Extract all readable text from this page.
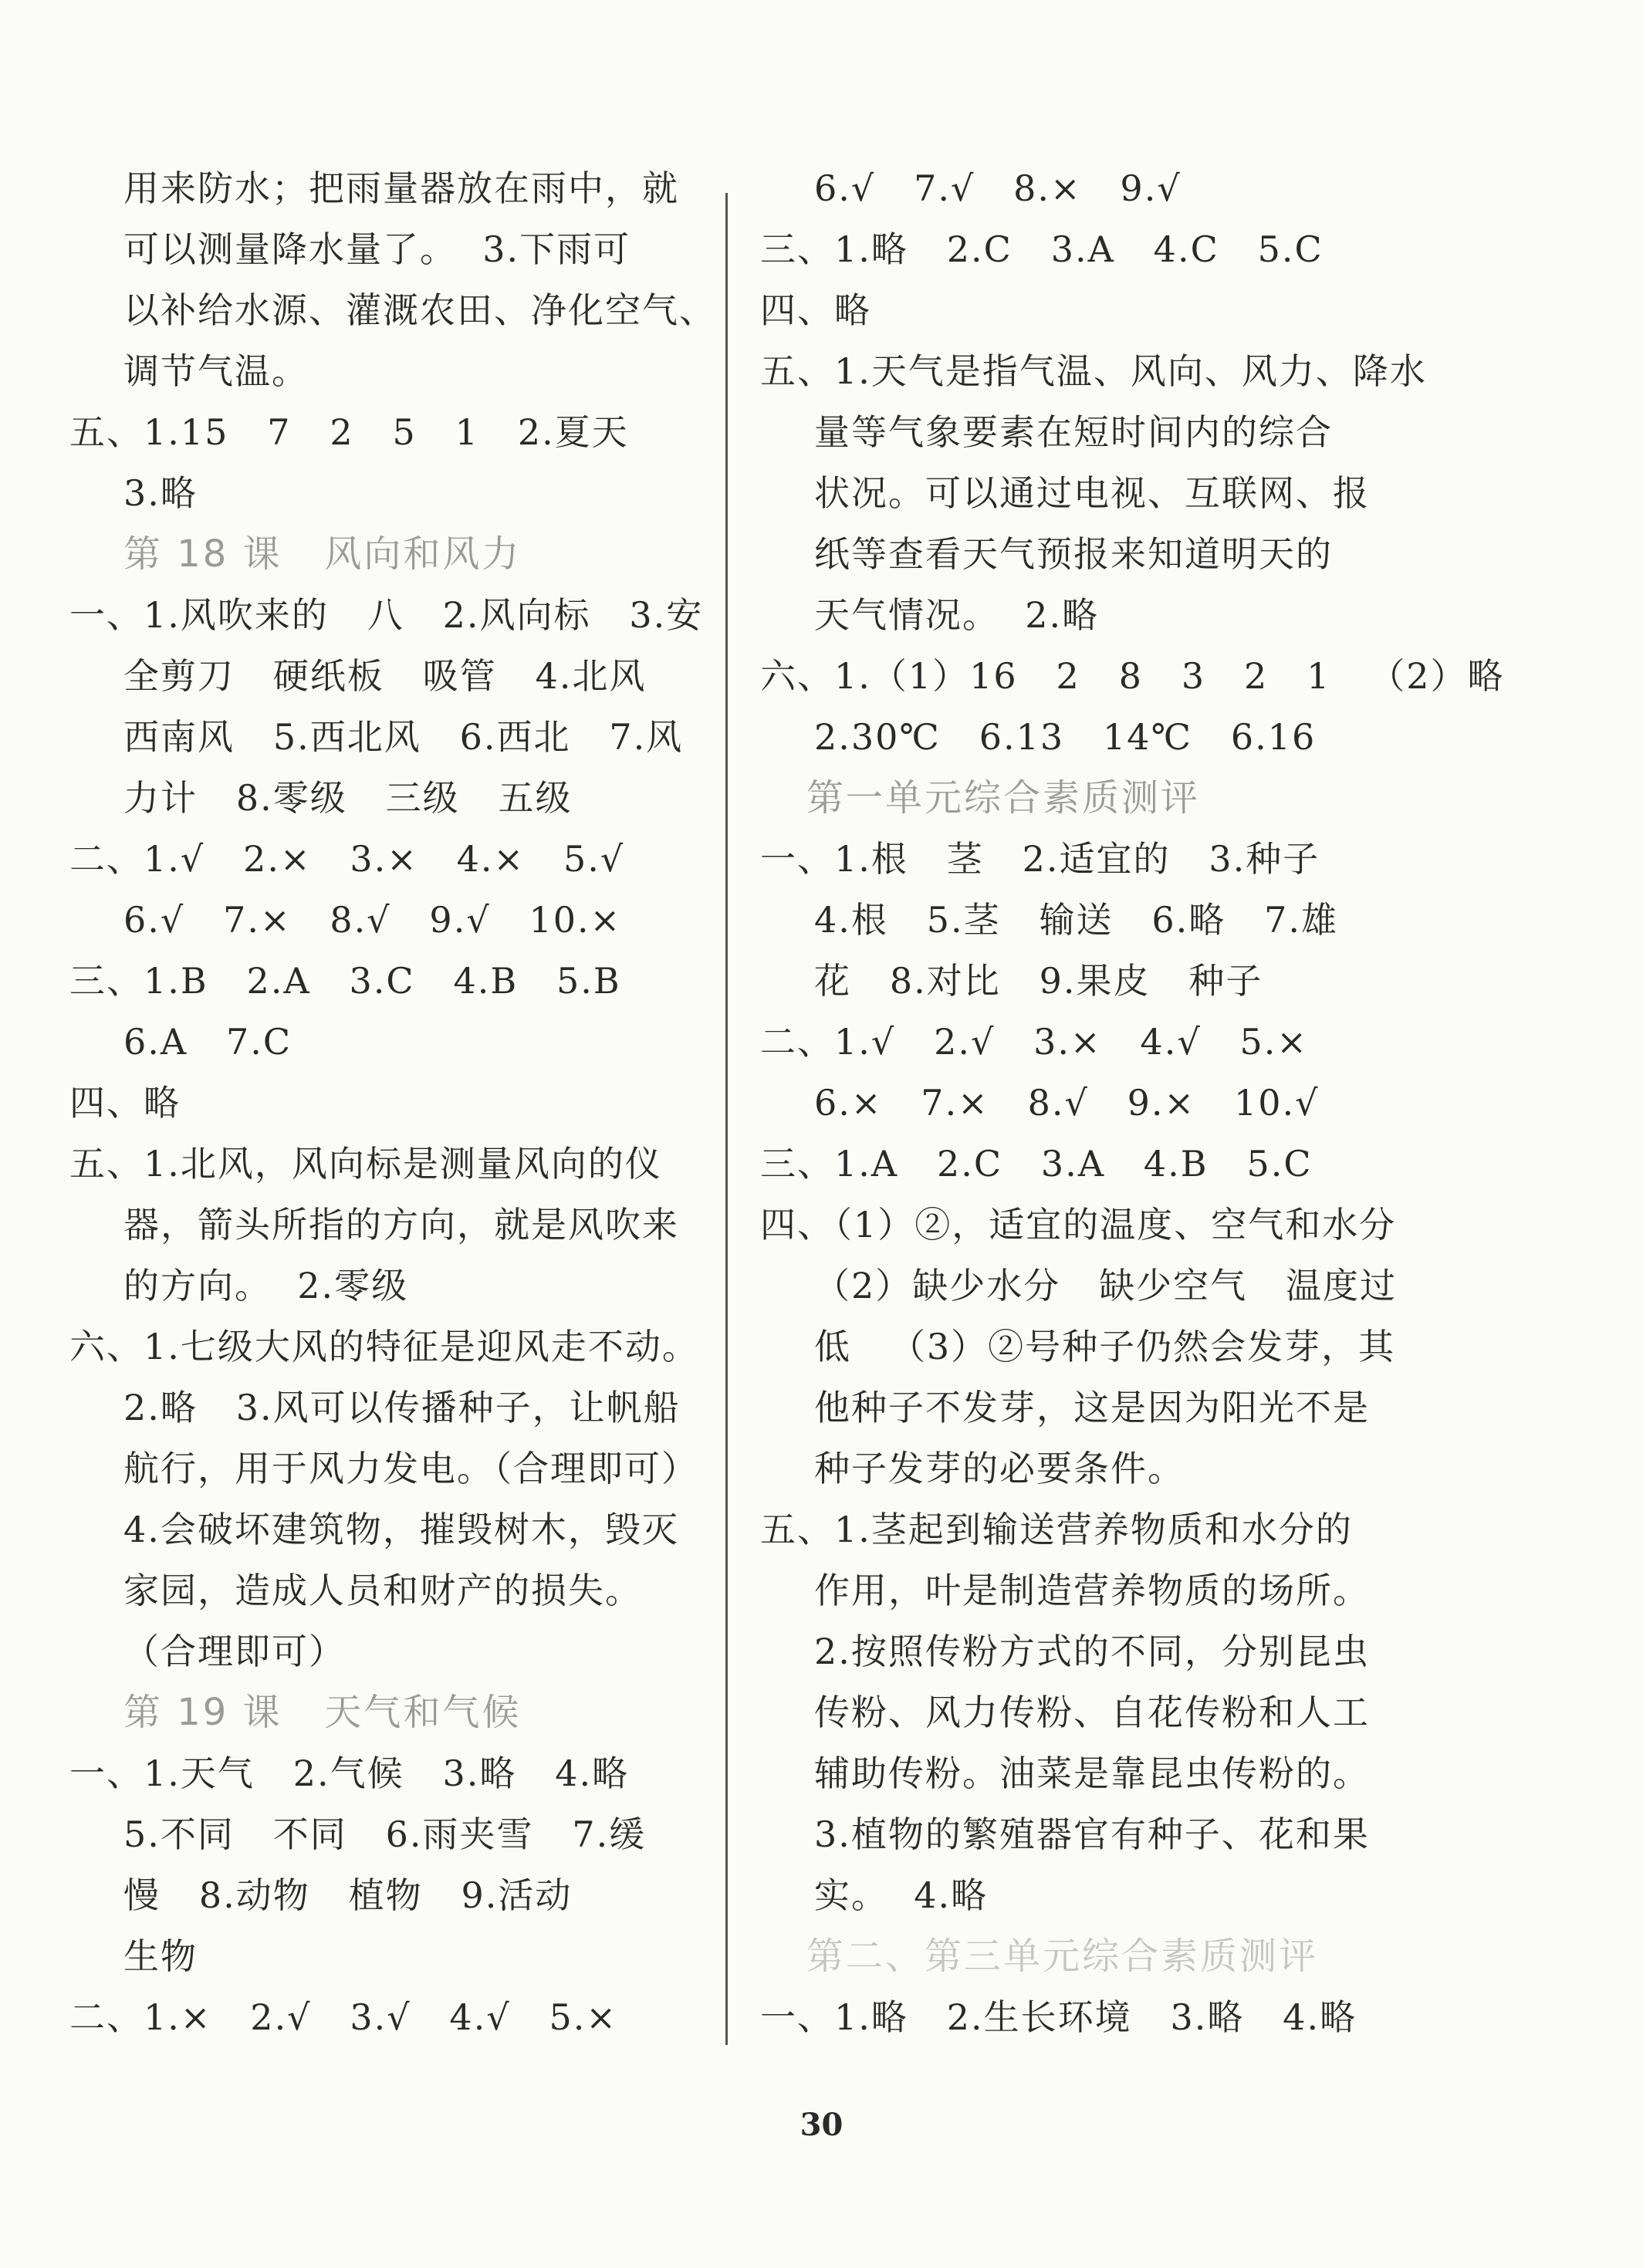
用来防水；把雨量器放在雨中，就
可以测量降水量了。  3.下雨可
以补给水源、灌溉农田、净化空气、
调节气温。
五、1.15   7   2   5   1   2.夏天
3.略
第 18 课   风向和风力
一、1.风吹来的   八   2.风向标   3.安
全剪刀   硬纸板   吸管   4.北风
西南风   5.西北风   6.西北   7.风
力计   8.零级   三级   五级
二、1.√   2.×   3.×   4.×   5.√
6.√   7.×   8.√   9.√   10.×
三、1.B   2.A   3.C   4.B   5.B
6.A   7.C
四、略
五、1.北风，风向标是测量风向的仪
器，箭头所指的方向，就是风吹来
的方向。  2.零级
六、1.七级大风的特征是迎风走不动。
2.略   3.风可以传播种子，让帆船
航行，用于风力发电。（合理即可）
4.会破坏建筑物，摧毁树木，毁灭
家园，造成人员和财产的损失。
（合理即可）
第 19 课   天气和气候
一、1.天气   2.气候   3.略   4.略
5.不同   不同   6.雨夹雪   7.缓
慢   8.动物   植物   9.活动
生物
二、1.×   2.√   3.√   4.√   5.×
6.√   7.√   8.×   9.√
三、1.略   2.C   3.A   4.C   5.C
四、略
五、1.天气是指气温、风向、风力、降水
量等气象要素在短时间内的综合
状况。可以通过电视、互联网、报
纸等查看天气预报来知道明天的
天气情况。  2.略
六、1.（1）16   2   8   3   2   1   （2）略
2.30℃   6.13   14℃   6.16
第一单元综合素质测评
一、1.根   茎   2.适宜的   3.种子
4.根   5.茎   输送   6.略   7.雄
花   8.对比   9.果皮   种子
二、1.√   2.√   3.×   4.√   5.×
6.×   7.×   8.√   9.×   10.√
三、1.A   2.C   3.A   4.B   5.C
四、（1）②，适宜的温度、空气和水分
（2）缺少水分   缺少空气   温度过
低   （3）②号种子仍然会发芽，其
他种子不发芽，这是因为阳光不是
种子发芽的必要条件。
五、1.茎起到输送营养物质和水分的
作用，叶是制造营养物质的场所。
2.按照传粉方式的不同，分别昆虫
传粉、风力传粉、自花传粉和人工
辅助传粉。油菜是靠昆虫传粉的。
3.植物的繁殖器官有种子、花和果
实。  4.略
第二、第三单元综合素质测评
一、1.略   2.生长环境   3.略   4.略
30
